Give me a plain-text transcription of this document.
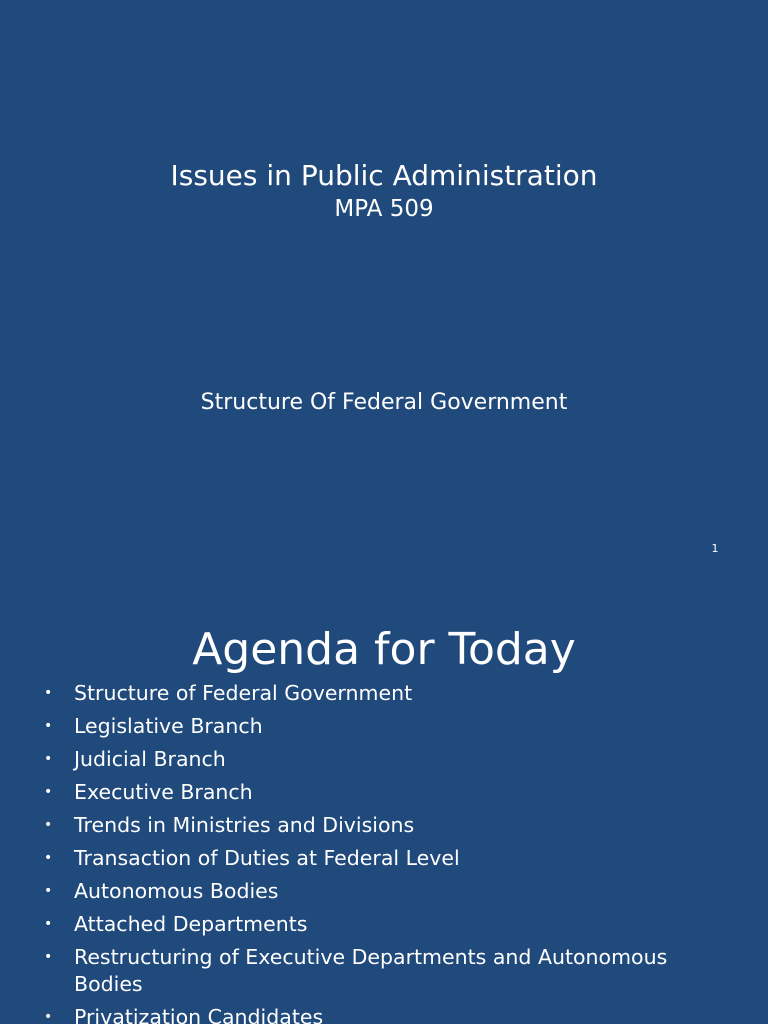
Issues in Public Administration
MPA 509
Structure Of Federal Government
1
Agenda for Today
• Structure of Federal Government
• Legislative Branch
• Judicial Branch
• Executive Branch
• Trends in Ministries and Divisions
• Transaction of Duties at Federal Level
• Autonomous Bodies
• Attached Departments
• Restructuring of Executive Departments and Autonomous Bodies
• Privatization Candidates
